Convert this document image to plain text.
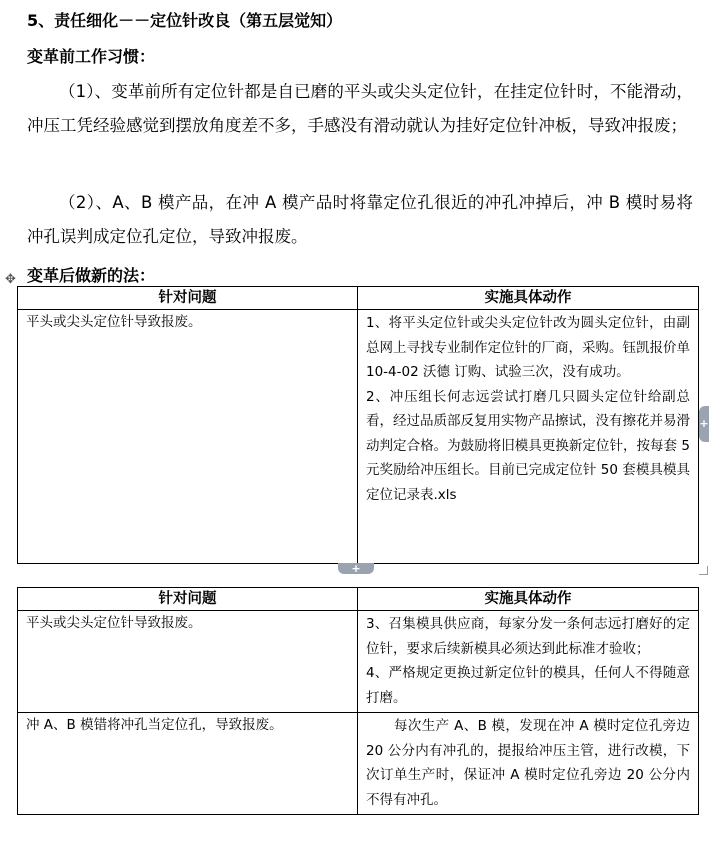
5、责任细化－－定位针改良（第五层觉知）
变革前工作习惯：
（1）、变革前所有定位针都是自已磨的平头或尖头定位针，在挂定位针时，不能滑动，冲压工凭经验感觉到摆放角度差不多，手感没有滑动就认为挂好定位针冲板，导致冲报废；
（2）、A、B 模产品，在冲 A 模产品时将靠定位孔很近的冲孔冲掉后，冲 B 模时易将冲孔误判成定位孔定位，导致冲报废。
变革后做新的法：
✥
针对问题	实施具体动作
平头或尖头定位针导致报废。	1、将平头定位针或尖头定位针改为圆头定位针，由副总网上寻找专业制作定位针的厂商，采购。钰凯报价单 10-4-02 沃德 订购、试验三次，没有成功。
2、冲压组长何志远尝试打磨几只圆头定位针给副总看，经过品质部反复用实物产品擦试，没有擦花并易滑动判定合格。为鼓励将旧模具更换新定位针，按每套 5 元奖励给冲压组长。目前已完成定位针 50 套模具模具定位记录表.xls
+
+
针对问题	实施具体动作
平头或尖头定位针导致报废。	3、召集模具供应商，每家分发一条何志远打磨好的定位针，要求后续新模具必须达到此标准才验收；
4、严格规定更换过新定位针的模具，任何人不得随意打磨。

冲 A、B 模错将冲孔当定位孔，导致报废。	每次生产 A、B 模，发现在冲 A 模时定位孔旁边 20 公分内有冲孔的，提报给冲压主管，进行改模，下次订单生产时，保证冲 A 模时定位孔旁边 20 公分内不得有冲孔。
